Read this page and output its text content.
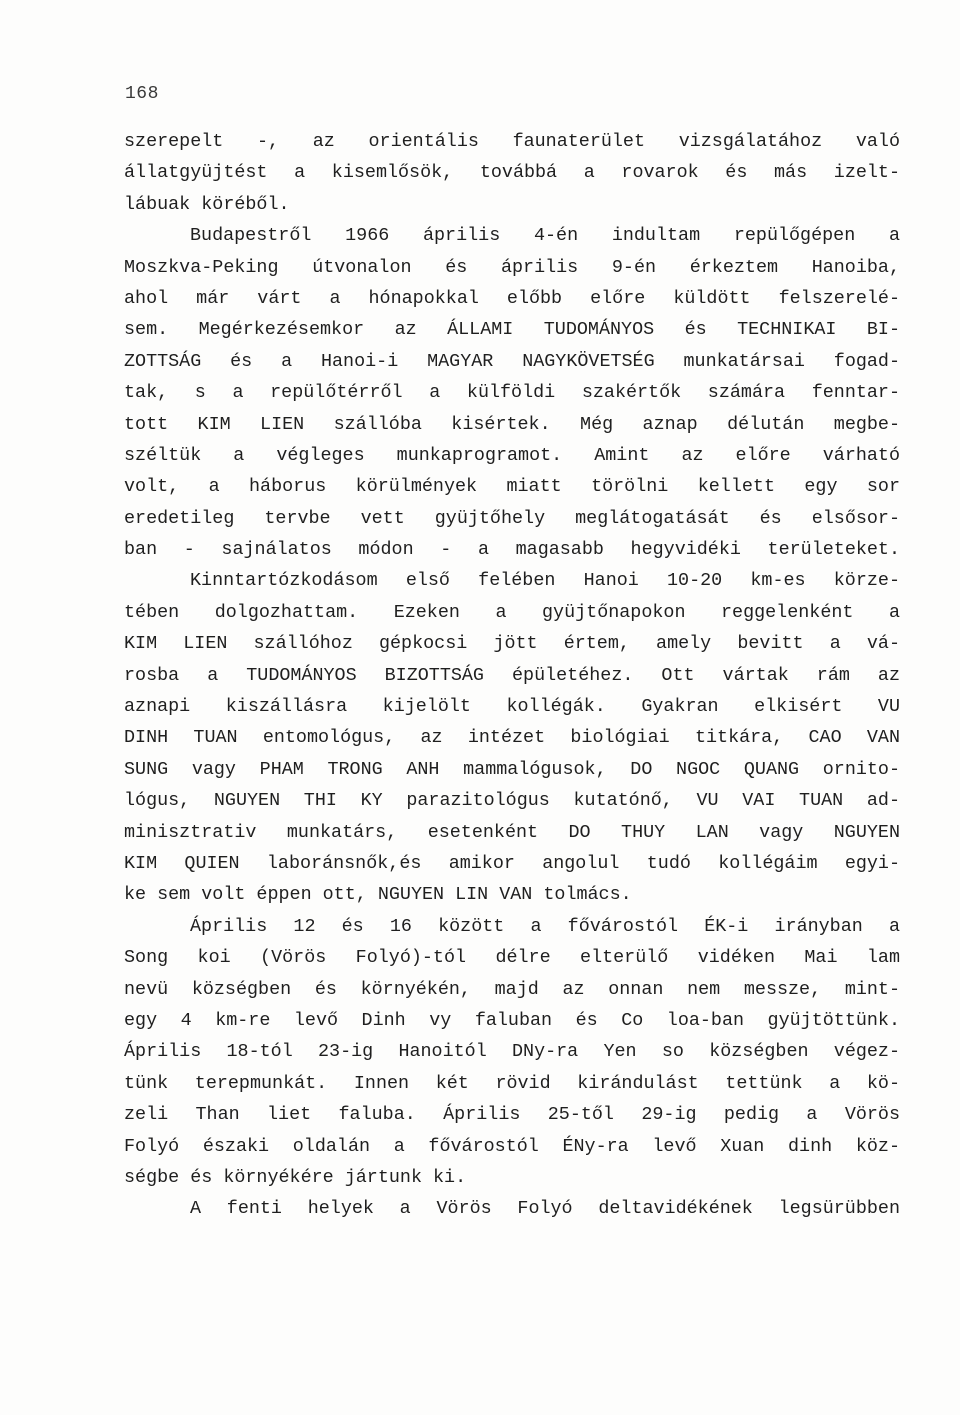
168
szerepelt -, az orientális faunaterület vizsgálatához való
állatgyüjtést a kisemlősök, továbbá a rovarok és más izelt-
lábuak köréből.
Budapestről 1966 április 4-én indultam repülőgépen a
Moszkva-Peking útvonalon és április 9-én érkeztem Hanoiba,
ahol már várt a hónapokkal előbb előre küldött felszerelé-
sem. Megérkezésemkor az ÁLLAMI TUDOMÁNYOS és TECHNIKAI BI-
ZOTTSÁG és a Hanoi-i MAGYAR NAGYKÖVETSÉG munkatársai fogad-
tak, s a repülőtérről a külföldi szakértők számára fenntar-
tott KIM LIEN szállóba kisértek. Még aznap délután megbe-
széltük a végleges munkaprogramot. Amint az előre várható
volt, a háborus körülmények miatt törölni kellett egy sor
eredetileg tervbe vett gyüjtőhely meglátogatását és elsősor-
ban - sajnálatos módon - a magasabb hegyvidéki területeket.
Kinntartózkodásom első felében Hanoi 10-20 km-es körze-
tében dolgozhattam. Ezeken a gyüjtőnapokon reggelenként a
KIM LIEN szállóhoz gépkocsi jött értem, amely bevitt a vá-
rosba a TUDOMÁNYOS BIZOTTSÁG épületéhez. Ott vártak rám az
aznapi kiszállásra kijelölt kollégák. Gyakran elkisért VU
DINH TUAN entomológus, az intézet biológiai titkára, CAO VAN
SUNG vagy PHAM TRONG ANH mammalógusok, DO NGOC QUANG ornito-
lógus, NGUYEN THI KY parazitológus kutatónő, VU VAI TUAN ad-
minisztrativ munkatárs, esetenként DO THUY LAN vagy NGUYEN
KIM QUIEN laboránsnők,és amikor angolul tudó kollégáim egyi-
ke sem volt éppen ott, NGUYEN LIN VAN tolmács.
Április 12 és 16 között a fővárostól ÉK-i irányban a
Song koi (Vörös Folyó)-tól délre elterülő vidéken Mai lam
nevü községben és környékén, majd az onnan nem messze, mint-
egy 4 km-re levő Dinh vy faluban és Co loa-ban gyüjtöttünk.
Április 18-tól 23-ig Hanoitól DNy-ra Yen so községben végez-
tünk terepmunkát. Innen két rövid kirándulást tettünk a kö-
zeli Than liet faluba. Április 25-től 29-ig pedig a Vörös
Folyó északi oldalán a fővárostól ÉNy-ra levő Xuan dinh köz-
ségbe és környékére jártunk ki.
A fenti helyek a Vörös Folyó deltavidékének legsürübben
